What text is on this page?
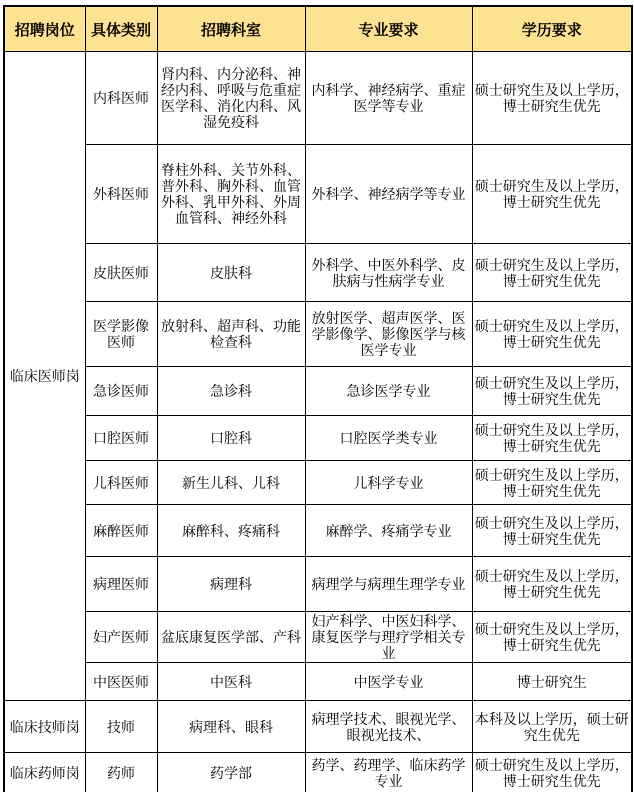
招聘岗位	具体类别	招聘科室	专业要求	学历要求
临床医师岗	内科医师	肾内科、内分泌科、神经内科、呼吸与危重症医学科、消化内科、风湿免疫科	内科学、神经病学、重症医学等专业	硕士研究生及以上学历，博士研究生优先
	外科医师	脊柱外科、关节外科、普外科、胸外科、血管外科、乳甲外科、外周血管科、神经外科	外科学、神经病学等专业	硕士研究生及以上学历，博士研究生优先
	皮肤医师	皮肤科	外科学、中医外科学、皮肤病与性病学专业	硕士研究生及以上学历，博士研究生优先
	医学影像医师	放射科、超声科、功能检查科	放射医学、超声医学、医学影像学、影像医学与核医学专业	硕士研究生及以上学历，博士研究生优先
	急诊医师	急诊科	急诊医学专业	硕士研究生及以上学历，博士研究生优先
	口腔医师	口腔科	口腔医学类专业	硕士研究生及以上学历，博士研究生优先
	儿科医师	新生儿科、儿科	儿科学专业	硕士研究生及以上学历，博士研究生优先
	麻醉医师	麻醉科、疼痛科	麻醉学、疼痛学专业	硕士研究生及以上学历，博士研究生优先
	病理医师	病理科	病理学与病理生理学专业	硕士研究生及以上学历，博士研究生优先
	妇产医师	盆底康复医学部、产科	妇产科学、中医妇科学、康复医学与理疗学相关专业	硕士研究生及以上学历，博士研究生优先
	中医医师	中医科	中医学专业	博士研究生
临床技师岗	技师	病理科、眼科	病理学技术、眼视光学、眼视光技术、	本科及以上学历，硕士研究生优先
临床药师岗	药师	药学部	药学、药理学、临床药学专业	硕士研究生及以上学历，博士研究生优先
